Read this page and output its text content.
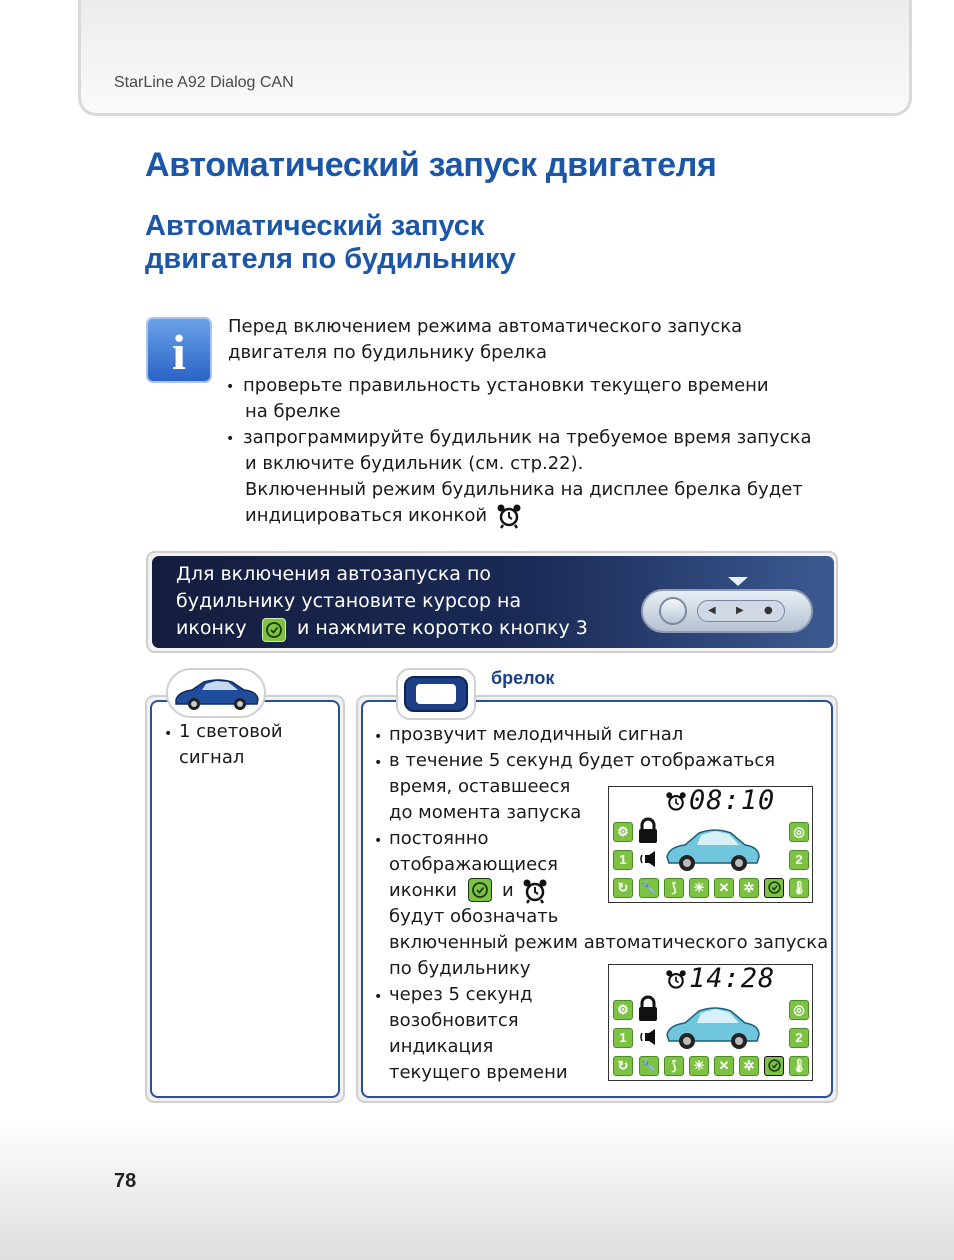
StarLine A92 Dialog CAN
Автоматический запуск двигателя
Автоматический запуск
двигателя по будильнику
i	Перед включением режима автоматического запуска
двигателя по будильнику брелка
• проверьте правильность установки текущего времени
на брелке
• запрограммируйте будильник на требуемое время запуска
и включите будильник (см. стр.22).
Включенный режим будильника на дисплее брелка будет
индицироваться иконкой
Для включения автозапуска по
будильнику установите курсор на
иконку	и нажмите коротко кнопку 3
◀ ▶ ●
• 1 световой
сигнал
брелок
• прозвучит мелодичный сигнал
• в течение 5 секунд будет отображаться
время, оставшееся
до момента запуска
• постоянно
отображающиеся
иконки	и
будут обозначать
включенный режим автоматического запуска
по будильнику
• через 5 секунд
возобновится
индикация
текущего времени
08:10
⚙
1
◎
2
↻ 🔧	⟆	☀	✕	✲	🌡
14:28
⚙
1
◎
2
↻ 🔧	⟆	☀	✕	✲	🌡
78
